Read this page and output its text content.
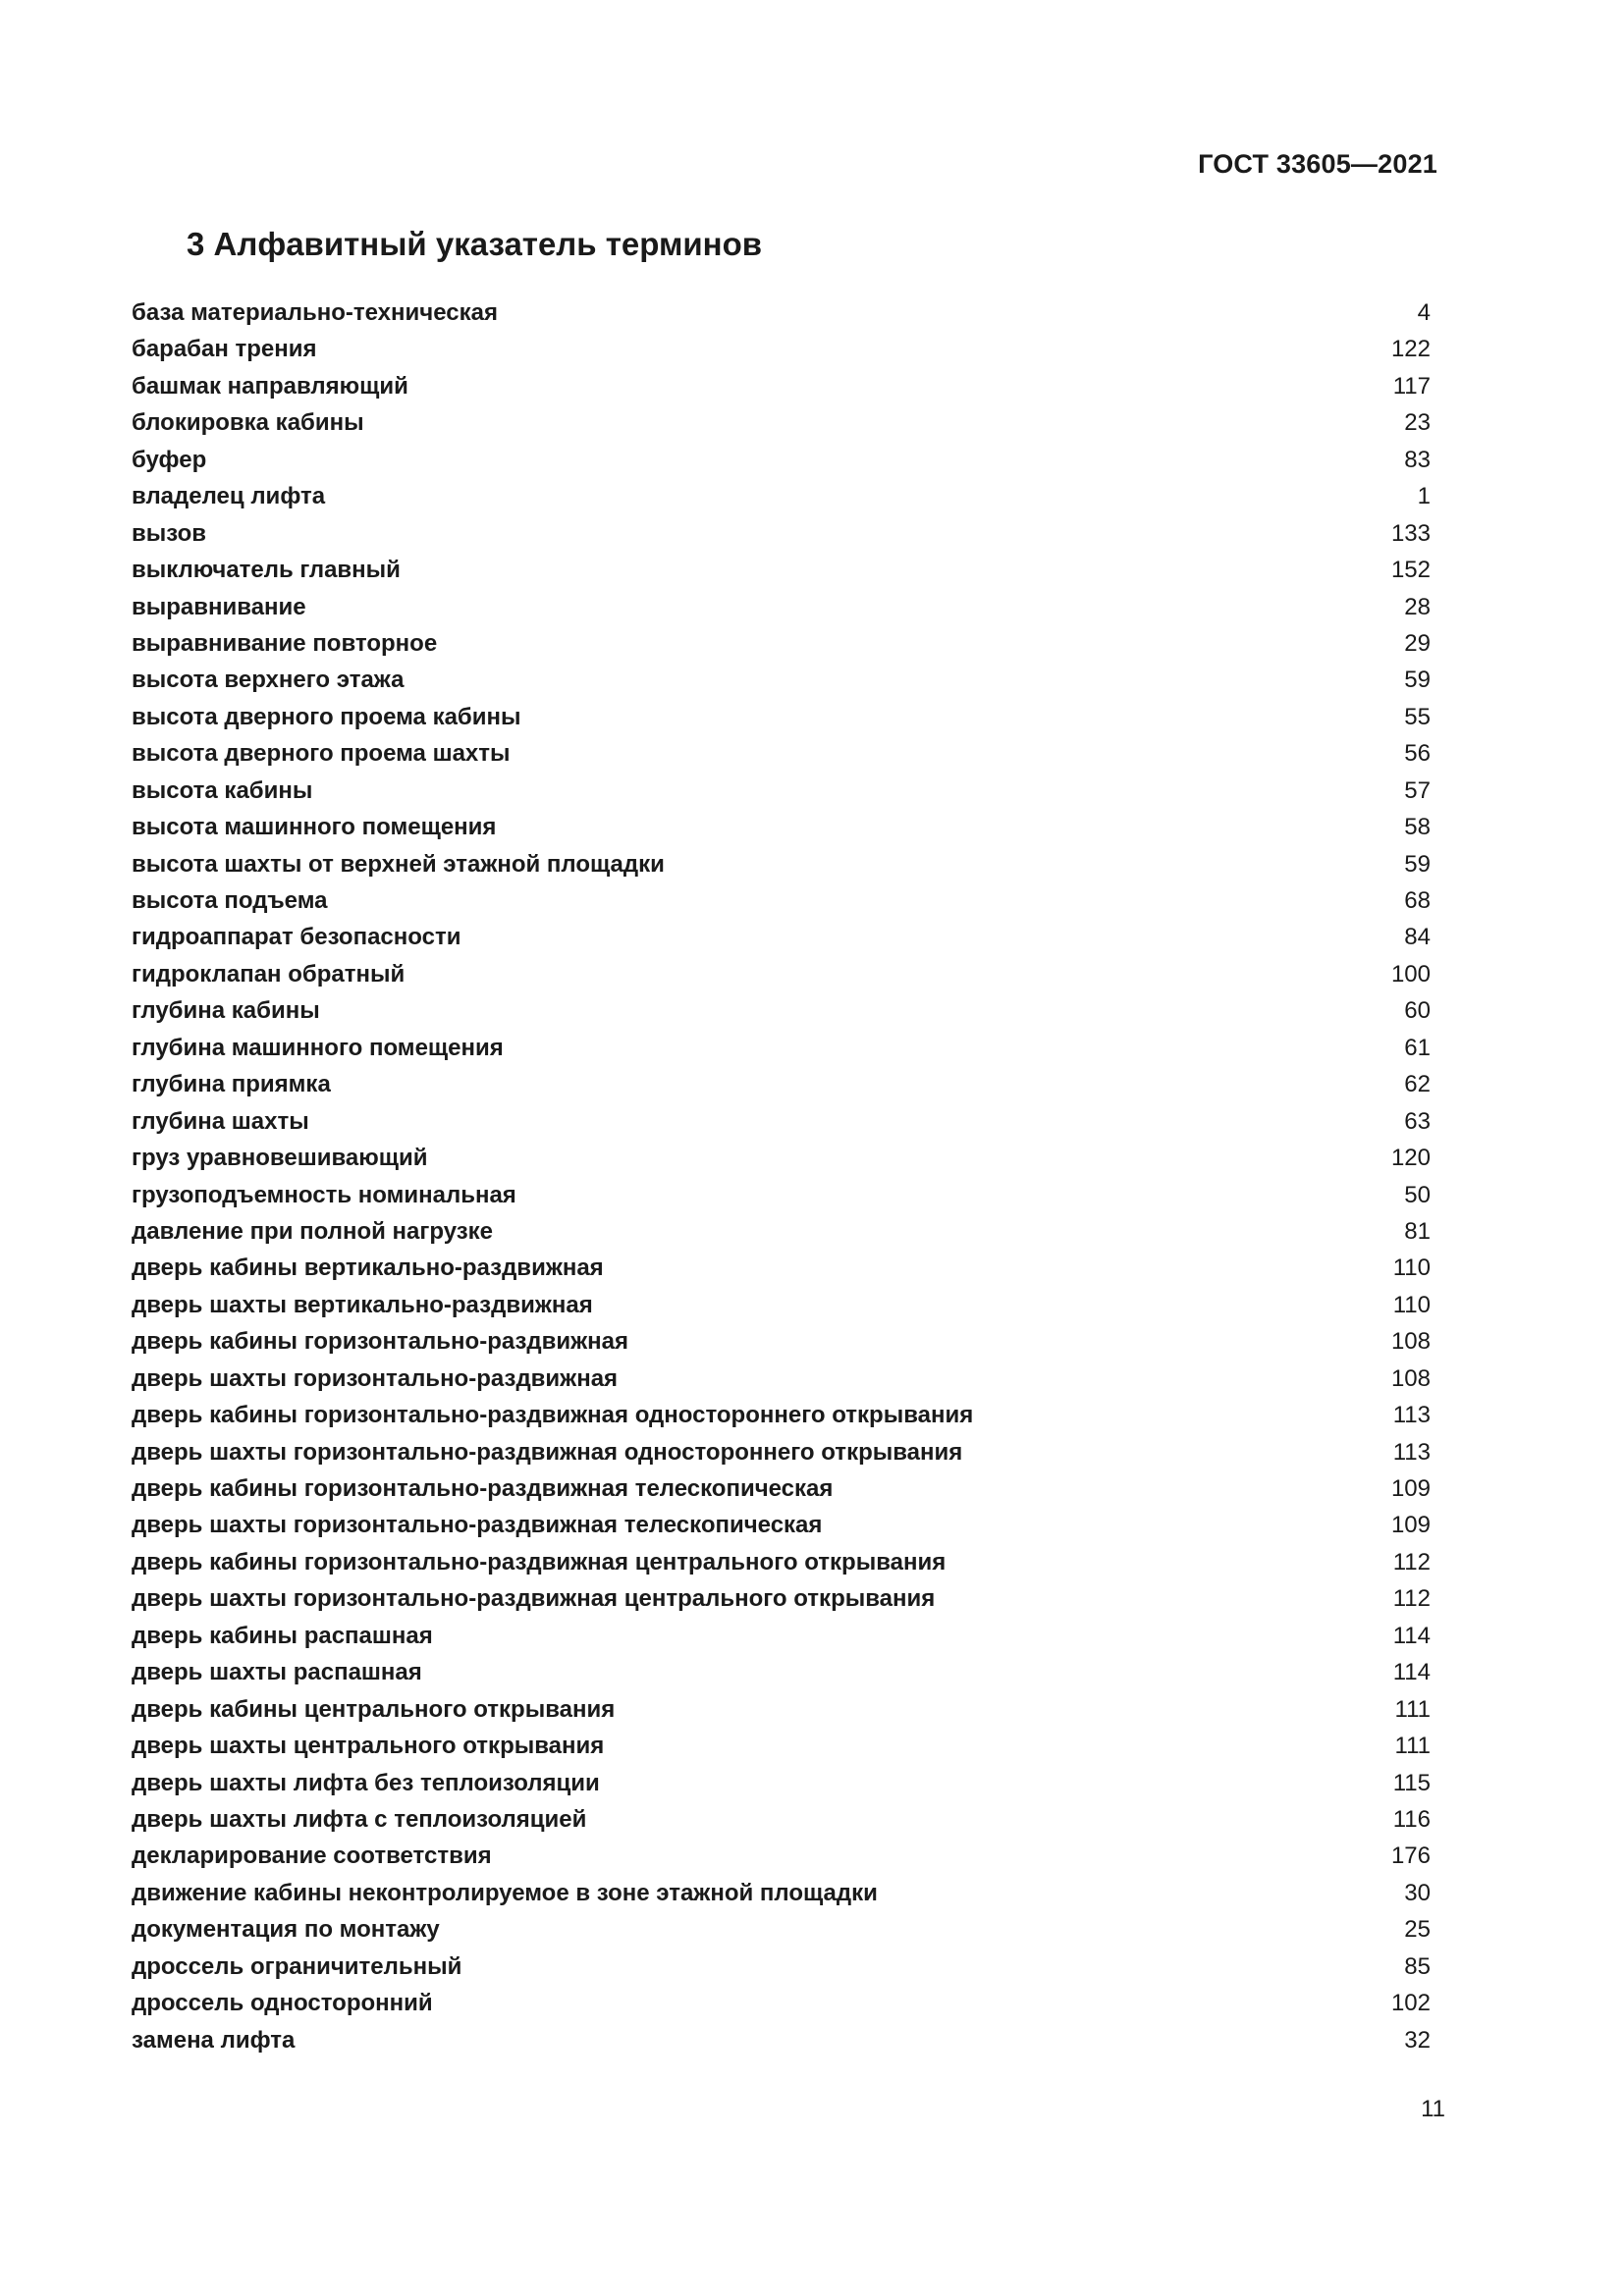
ГОСТ 33605—2021
3 Алфавитный указатель терминов
база материально-техническая	4
барабан трения	122
башмак направляющий	117
блокировка кабины	23
буфер	83
владелец лифта	1
вызов	133
выключатель главный	152
выравнивание	28
выравнивание повторное	29
высота верхнего этажа	59
высота дверного проема кабины	55
высота дверного проема шахты	56
высота кабины	57
высота машинного помещения	58
высота шахты от верхней этажной площадки	59
высота подъема	68
гидроаппарат безопасности	84
гидроклапан обратный	100
глубина кабины	60
глубина машинного помещения	61
глубина приямка	62
глубина шахты	63
груз уравновешивающий	120
грузоподъемность номинальная	50
давление при полной нагрузке	81
дверь кабины вертикально-раздвижная	110
дверь шахты вертикально-раздвижная	110
дверь кабины горизонтально-раздвижная	108
дверь шахты горизонтально-раздвижная	108
дверь кабины горизонтально-раздвижная одностороннего открывания	113
дверь шахты горизонтально-раздвижная одностороннего открывания	113
дверь кабины горизонтально-раздвижная телескопическая	109
дверь шахты горизонтально-раздвижная телескопическая	109
дверь кабины горизонтально-раздвижная центрального открывания	112
дверь шахты горизонтально-раздвижная центрального открывания	112
дверь кабины распашная	114
дверь шахты распашная	114
дверь кабины центрального открывания	111
дверь шахты центрального открывания	111
дверь шахты лифта без теплоизоляции	115
дверь шахты лифта с теплоизоляцией	116
декларирование соответствия	176
движение кабины неконтролируемое в зоне этажной площадки	30
документация по монтажу	25
дроссель ограничительный	85
дроссель односторонний	102
замена лифта	32
11
